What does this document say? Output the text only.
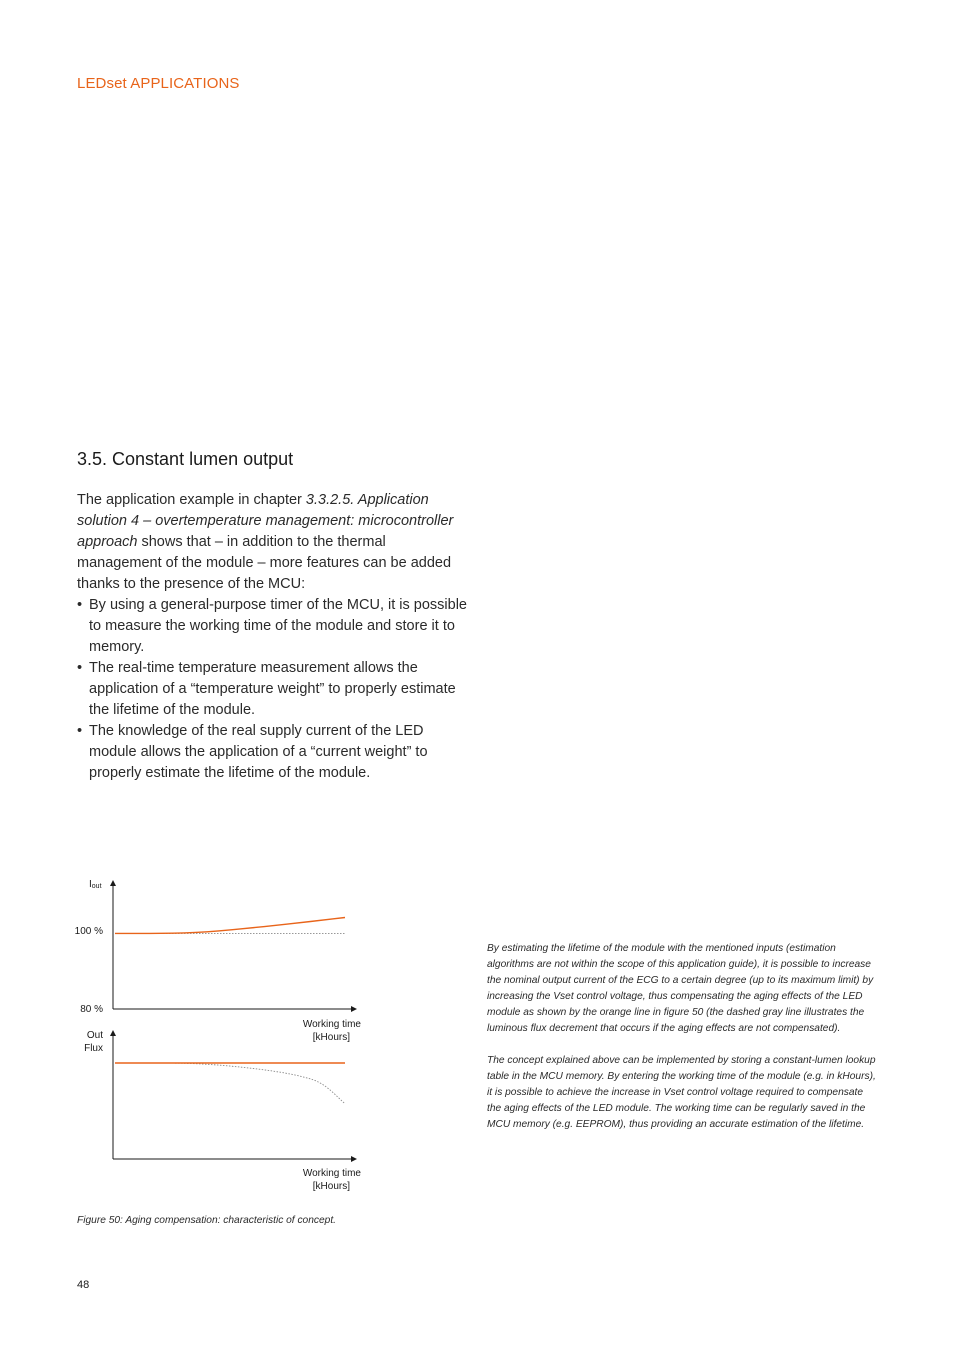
LEDset APPLICATIONS
3.5. Constant lumen output

The application example in chapter 3.3.2.5. Application solution 4 – overtemperature management: microcontroller approach shows that – in addition to the thermal management of the module – more features can be added thanks to the presence of the MCU:

• By using a general-purpose timer of the MCU, it is possible to measure the working time of the module and store it to memory.
• The real-time temperature measurement allows the application of a “temperature weight” to properly estimate the lifetime of the module.
• The knowledge of the real supply current of the LED module allows the application of a “current weight” to properly estimate the lifetime of the module.
Iout
100 %
80 %
Working time
[kHours]
Out
Flux
Working time
[kHours]

By estimating the lifetime of the module with the mentioned inputs (estimation algorithms are not within the scope of this application guide), it is possible to increase the nominal output current of the ECG to a certain degree (up to its maximum limit) by increasing the Vset control voltage, thus compensating the aging effects of the LED module as shown by the orange line in figure 50 (the dashed gray line illustrates the luminous flux decrement that occurs if the aging effects are not compensated).

The concept explained above can be implemented by storing a constant-lumen lookup table in the MCU memory. By entering the working time of the module (e.g. in kHours), it is possible to achieve the increase in Vset control voltage required to compensate the aging effects of the LED module. The working time can be regularly saved in the MCU memory (e.g. EEPROM), thus providing an accurate estimation of the lifetime.

Figure 50: Aging compensation: characteristic of concept.
48
